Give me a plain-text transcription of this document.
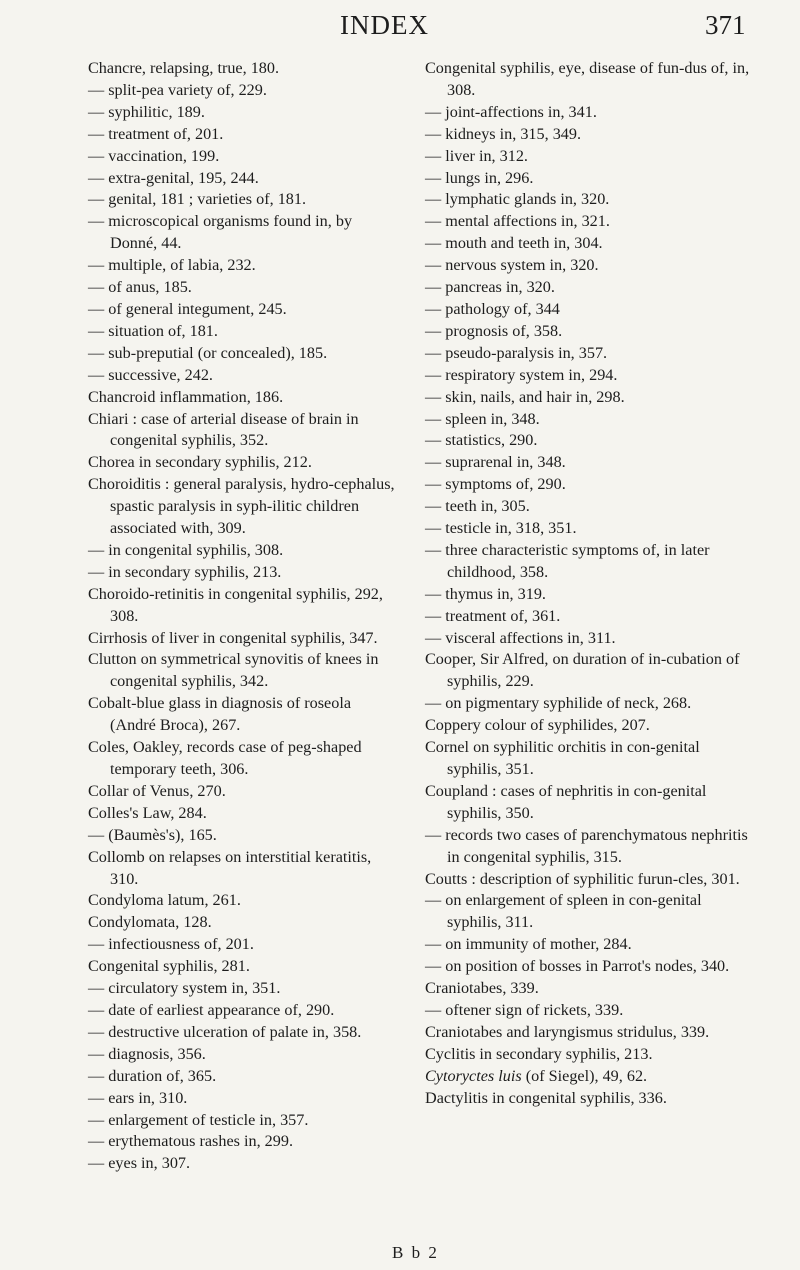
INDEX	371
Chancre, relapsing, true, 180.
— split-pea variety of, 229.
— syphilitic, 189.
— treatment of, 201.
— vaccination, 199.
— extra-genital, 195, 244.
— genital, 181 ; varieties of, 181.
— microscopical organisms found in, by Donné, 44.
— multiple, of labia, 232.
— of anus, 185.
— of general integument, 245.
— situation of, 181.
— sub-preputial (or concealed), 185.
— successive, 242.
Chancroid inflammation, 186.
Chiari : case of arterial disease of brain in congenital syphilis, 352.
Chorea in secondary syphilis, 212.
Choroiditis : general paralysis, hydro-cephalus, spastic paralysis in syph-ilitic children associated with, 309.
— in congenital syphilis, 308.
— in secondary syphilis, 213.
Choroido-retinitis in congenital syphilis, 292, 308.
Cirrhosis of liver in congenital syphilis, 347.
Clutton on symmetrical synovitis of knees in congenital syphilis, 342.
Cobalt-blue glass in diagnosis of roseola (André Broca), 267.
Coles, Oakley, records case of peg-shaped temporary teeth, 306.
Collar of Venus, 270.
Colles's Law, 284.
— (Baumès's), 165.
Collomb on relapses on interstitial keratitis, 310.
Condyloma latum, 261.
Condylomata, 128.
— infectiousness of, 201.
Congenital syphilis, 281.
— circulatory system in, 351.
— date of earliest appearance of, 290.
— destructive ulceration of palate in, 358.
— diagnosis, 356.
— duration of, 365.
— ears in, 310.
— enlargement of testicle in, 357.
— erythematous rashes in, 299.
— eyes in, 307.
Congenital syphilis, eye, disease of fun-dus of, in, 308.
— joint-affections in, 341.
— kidneys in, 315, 349.
— liver in, 312.
— lungs in, 296.
— lymphatic glands in, 320.
— mental affections in, 321.
— mouth and teeth in, 304.
— nervous system in, 320.
— pancreas in, 320.
— pathology of, 344
— prognosis of, 358.
— pseudo-paralysis in, 357.
— respiratory system in, 294.
— skin, nails, and hair in, 298.
— spleen in, 348.
— statistics, 290.
— suprarenal in, 348.
— symptoms of, 290.
— teeth in, 305.
— testicle in, 318, 351.
— three characteristic symptoms of, in later childhood, 358.
— thymus in, 319.
— treatment of, 361.
— visceral affections in, 311.
Cooper, Sir Alfred, on duration of in-cubation of syphilis, 229.
— on pigmentary syphilide of neck, 268.
Coppery colour of syphilides, 207.
Cornel on syphilitic orchitis in con-genital syphilis, 351.
Coupland : cases of nephritis in con-genital syphilis, 350.
— records two cases of parenchymatous nephritis in congenital syphilis, 315.
Coutts : description of syphilitic furun-cles, 301.
— on enlargement of spleen in con-genital syphilis, 311.
— on immunity of mother, 284.
— on position of bosses in Parrot's nodes, 340.
Craniotabes, 339.
— oftener sign of rickets, 339.
Craniotabes and laryngismus stridulus, 339.
Cyclitis in secondary syphilis, 213.
Cytoryctes luis (of Siegel), 49, 62.
Dactylitis in congenital syphilis, 336.
B b 2
